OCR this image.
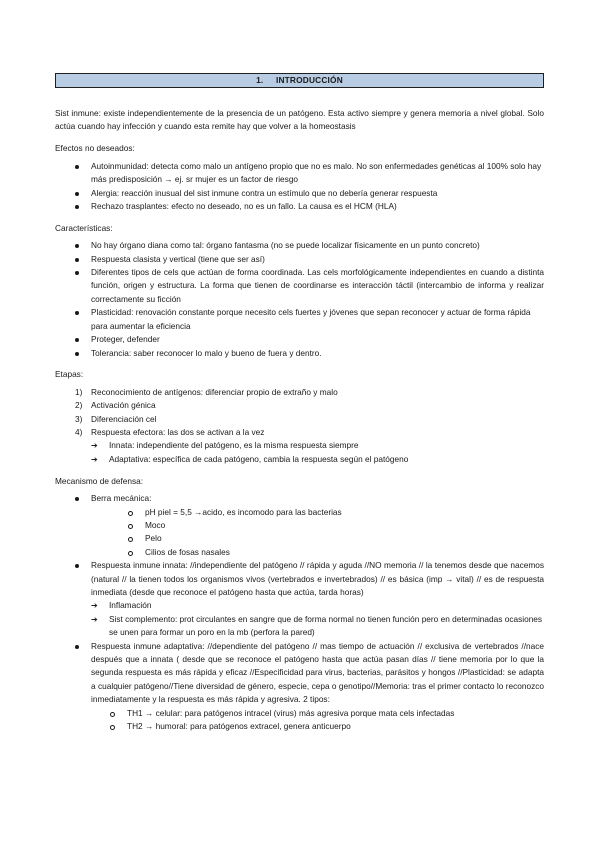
1. INTRODUCCIÓN

Sist inmune: existe independientemente de la presencia de un patógeno. Esta activo siempre y genera memoria a nivel global. Solo actúa cuando hay infección y cuando esta remite hay que volver a la homeostasis

Efectos no deseados:

Autoinmunidad: detecta como malo un antígeno propio que no es malo. No son enfermedades genéticas al 100% solo hay más predisposición → ej. sr mujer es un factor de riesgo
Alergia: reacción inusual del sist inmune contra un estímulo que no debería generar respuesta
Rechazo trasplantes: efecto no deseado, no es un fallo. La causa es el HCM (HLA)

Características:

No hay órgano diana como tal: órgano fantasma (no se puede localizar físicamente en un punto concreto)
Respuesta clasista y vertical (tiene que ser así)
Diferentes tipos de cels que actúan de forma coordinada. Las cels morfológicamente independientes en cuando a distinta función, origen y estructura. La forma que tienen de coordinarse es interacción táctil (intercambio de informa y realizar correctamente su ficción
Plasticidad: renovación constante porque necesito cels fuertes y jóvenes que sepan reconocer y actuar de forma rápida para aumentar la eficiencia
Proteger, defender
Tolerancia: saber reconocer lo malo y bueno de fuera y dentro.

Etapas:

1) Reconocimiento de antígenos: diferenciar propio de extraño y malo
2) Activación génica
3) Diferenciación cel
4) Respuesta efectora: las dos se activan a la vez
➔ Innata: independiente del patógeno, es la misma respuesta siempre
➔ Adaptativa: específica de cada patógeno, cambia la respuesta según el patógeno

Mecanismo de defensa:

Berra mecánica:
pH piel = 5,5 →acido, es incomodo para las bacterias
Moco
Pelo
Cilios de fosas nasales

Respuesta inmune innata: //independiente del patógeno // rápida y aguda //NO memoria // la tenemos desde que nacemos (natural // la tienen todos los organismos vivos (vertebrados e invertebrados) // es básica (imp → vital) // es de respuesta inmediata (desde que reconoce el patógeno hasta que actúa, tarda horas)

➔ Inflamación
➔ Sist complemento: prot circulantes en sangre que de forma normal no tienen función pero en determinadas ocasiones se unen para formar un poro en la mb (perfora la pared)

Respuesta inmune adaptativa: //dependiente del patógeno // mas tiempo de actuación // exclusiva de vertebrados //nace después que a innata ( desde que se reconoce el patógeno hasta que actúa pasan días // tiene memoria por lo que la segunda respuesta es más rápida y eficaz //Especificidad para virus, bacterias, parásitos y hongos //Plasticidad: se adapta a cualquier patógeno//Tiene diversidad de género, especie, cepa o genotipo//Memoria: tras el primer contacto lo reconozco inmediatamente y la respuesta es más rápida y agresiva. 2 tipos:

TH1 → celular: para patógenos intracel (virus) más agresiva porque mata cels infectadas
TH2 → humoral: para patógenos extracel, genera anticuerpo
